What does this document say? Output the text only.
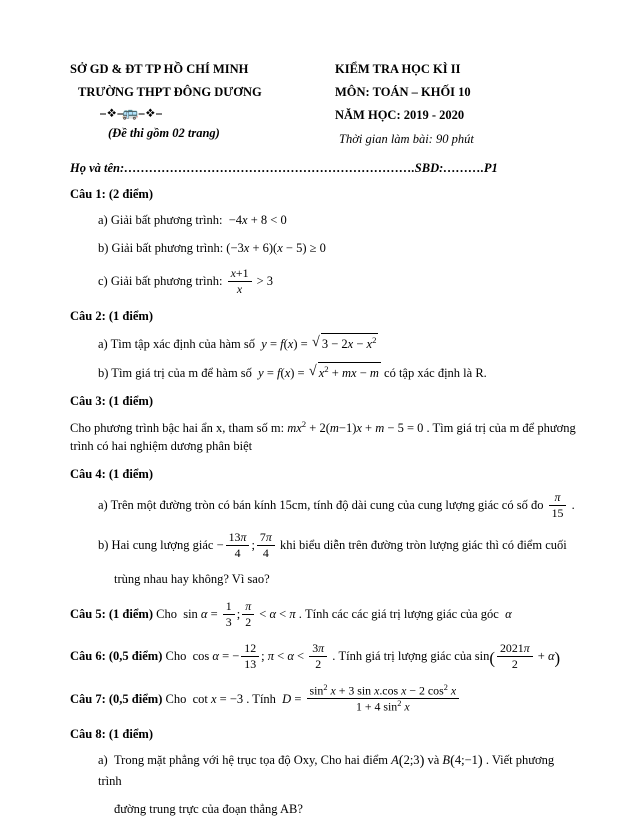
SỞ GD & ĐT TP HỒ CHÍ MINH
TRƯỜNG THPT ĐÔNG DƯƠNG
⎯ ❖ ⎯🚌⎯ ❖ ⎯
(Đề thi gồm 02 trang)
KIỂM TRA HỌC KÌ II
MÔN: TOÁN – KHỐI 10
NĂM HỌC: 2019 - 2020
Thời gian làm bài: 90 phút
Họ và tên:…………………………………………………………….SBD:……….P1
Câu 1: (2 điểm)
a) Giải bất phương trình:  −4x + 8 < 0
b) Giải bất phương trình: (−3x + 6)(x − 5) ≥ 0
c) Giải bất phương trình: $\frac{x+1}{x} > 3$
Câu 2: (1 điểm)
a) Tìm tập xác định của hàm số  y = f(x) = √ $3 - 2x - x^2$
b) Tìm giá trị của m để hàm số  y = f(x) = √ $x^2$ + mx − m có tập xác định là R.
Câu 3: (1 điểm)
Cho phương trình bậc hai ẩn x, tham số m: $mx^2 + 2(m-1)x + m - 5 = 0$ . Tìm giá trị của m để phương trình có hai nghiệm dương phân biệt
Câu 4: (1 điểm)
a) Trên một đường tròn có bán kính 15cm, tính độ dài cung của cung lượng giác có số đo $\frac{\pi}{15}$ .
b) Hai cung lượng giác − $\frac{13\pi}{4}$ ; $\frac{7\pi}{4}$ khi biểu diễn trên đường tròn lượng giác thì có điểm cuối
trùng nhau hay không? Vì sao?
Câu 5: (1 điểm) Cho  $\sin \alpha = \frac{1}{3}$ ; $\frac{\pi}{2} < \alpha < \pi$ . Tính các các giá trị lượng giác của góc  α
Câu 6: (0,5 điểm) Cho  cos α = − $\frac{12}{13}$ ; $\pi < \alpha < \frac{3\pi}{2}$ . Tính giá trị lượng giác của $\sin( \frac{2021\pi}{2} + \alpha)$
Câu 7: (0,5 điểm) Cho  cot x = −3 . Tính  $D = \frac{\sin^2 x + 3 \sin x.\cos x - 2 \cos^2 x}{1 + 4 \sin^2 x}$
Câu 8: (1 điểm)
a)  Trong mặt phẳng với hệ trục tọa độ Oxy, Cho hai điểm A(2;3) và B(4;−1) . Viết phương trình
đường trung trực của đoạn thẳng AB?
